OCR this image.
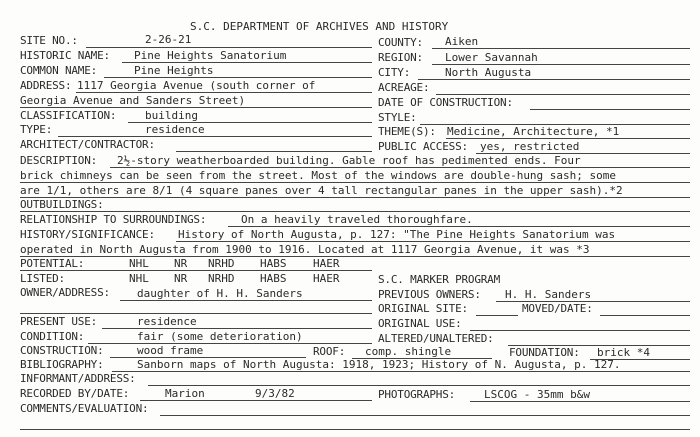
S.C. DEPARTMENT OF ARCHIVES AND HISTORY
SITE NO.:	2-26-21	COUNTY: Aiken
HISTORIC NAME: Pine Heights Sanatorium	REGION: Lower Savannah
COMMON NAME:	Pine Heights	CITY:	North Augusta
ADDRESS: 1117 Georgia Avenue (south corner of	ACREAGE:
Georgia Avenue and Sanders Street)	DATE OF CONSTRUCTION:
CLASSIFICATION:	building	STYLE:
TYPE:	residence	THEME(S): Medicine, Architecture, *1
ARCHITECT/CONTRACTOR:	PUBLIC ACCESS: yes, restricted
DESCRIPTION: 2½-story weatherboarded building. Gable roof has pedimented ends. Four
brick chimneys can be seen from the street. Most of the windows are double-hung sash; some
are 1/1, others are 8/1 (4 square panes over 4 tall rectangular panes in the upper sash).*2
OUTBUILDINGS:
RELATIONSHIP TO SURROUNDINGS:	On a heavily traveled thoroughfare.
HISTORY/SIGNIFICANCE: History of North Augusta, p. 127: "The Pine Heights Sanatorium was
operated in North Augusta from 1900 to 1916. Located at 1117 Georgia Avenue, it was *3
POTENTIAL:	NHL NR NRHD HABS HAER
LISTED:	NHL NR NRHD HABS HAER	S.C. MARKER PROGRAM
OWNER/ADDRESS: daughter of H. H. Sanders	PREVIOUS OWNERS: H. H. Sanders
ORIGINAL SITE:	MOVED/DATE:
PRESENT USE:	residence	ORIGINAL USE:
CONDITION:	fair (some deterioration)	ALTERED/UNALTERED:
CONSTRUCTION:	wood frame	ROOF: comp. shingle	FOUNDATION: brick *4
BIBLIOGRAPHY:	Sanborn maps of North Augusta: 1918, 1923; History of N. Augusta, p. 127.
INFORMANT/ADDRESS:
RECORDED BY/DATE:	Marion	9/3/82	PHOTOGRAPHS:	LSCOG - 35mm b&w
COMMENTS/EVALUATION:
